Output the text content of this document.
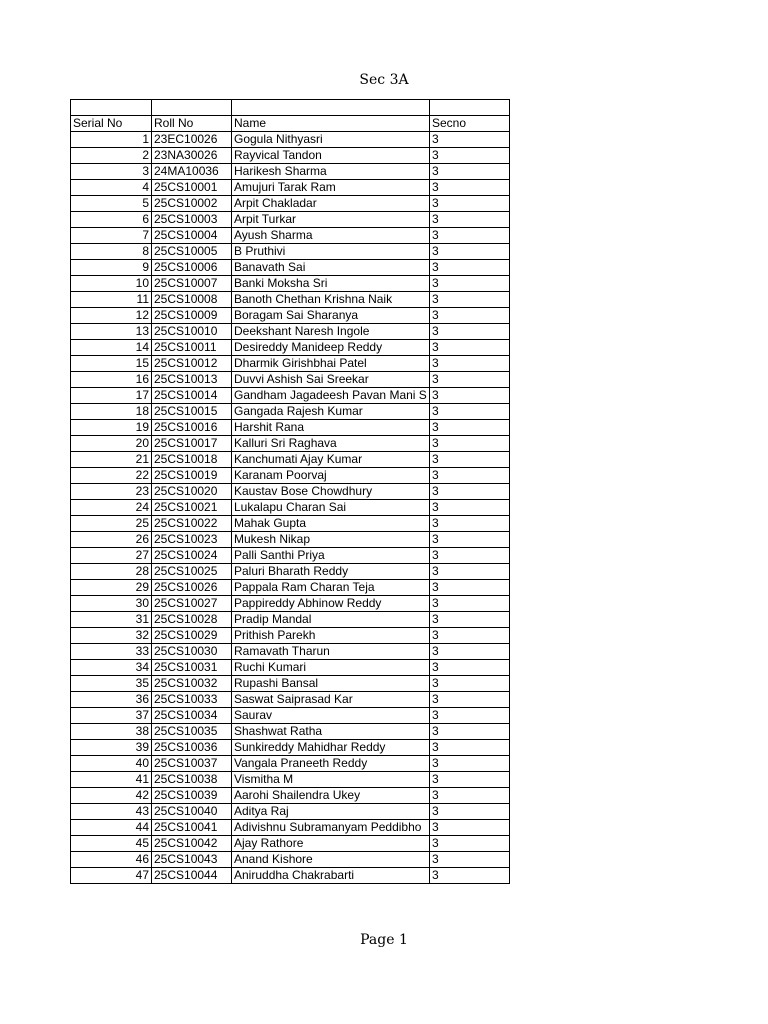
Sec 3A

Serial No	Roll No	Name	Secno
1	23EC10026	Gogula Nithyasri	3
2	23NA30026	Rayvical Tandon	3
3	24MA10036	Harikesh Sharma	3
4	25CS10001	Amujuri Tarak Ram	3
5	25CS10002	Arpit Chakladar	3
6	25CS10003	Arpit Turkar	3
7	25CS10004	Ayush Sharma	3
8	25CS10005	B Pruthivi	3
9	25CS10006	Banavath Sai	3
10	25CS10007	Banki Moksha Sri	3
11	25CS10008	Banoth Chethan Krishna Naik	3
12	25CS10009	Boragam Sai Sharanya	3
13	25CS10010	Deekshant Naresh Ingole	3
14	25CS10011	Desireddy Manideep Reddy	3
15	25CS10012	Dharmik Girishbhai Patel	3
16	25CS10013	Duvvi Ashish Sai Sreekar	3
17	25CS10014	Gandham Jagadeesh Pavan Mani S	3
18	25CS10015	Gangada Rajesh Kumar	3
19	25CS10016	Harshit Rana	3
20	25CS10017	Kalluri Sri Raghava	3
21	25CS10018	Kanchumati Ajay Kumar	3
22	25CS10019	Karanam Poorvaj	3
23	25CS10020	Kaustav Bose Chowdhury	3
24	25CS10021	Lukalapu Charan Sai	3
25	25CS10022	Mahak Gupta	3
26	25CS10023	Mukesh Nikap	3
27	25CS10024	Palli Santhi Priya	3
28	25CS10025	Paluri Bharath Reddy	3
29	25CS10026	Pappala Ram Charan Teja	3
30	25CS10027	Pappireddy Abhinow Reddy	3
31	25CS10028	Pradip Mandal	3
32	25CS10029	Prithish Parekh	3
33	25CS10030	Ramavath Tharun	3
34	25CS10031	Ruchi Kumari	3
35	25CS10032	Rupashi Bansal	3
36	25CS10033	Saswat Saiprasad Kar	3
37	25CS10034	Saurav	3
38	25CS10035	Shashwat Ratha	3
39	25CS10036	Sunkireddy Mahidhar Reddy	3
40	25CS10037	Vangala Praneeth Reddy	3
41	25CS10038	Vismitha M	3
42	25CS10039	Aarohi Shailendra Ukey	3
43	25CS10040	Aditya Raj	3
44	25CS10041	Adivishnu Subramanyam Peddibho	3
45	25CS10042	Ajay Rathore	3
46	25CS10043	Anand Kishore	3
47	25CS10044	Aniruddha Chakrabarti	3
Page 1
